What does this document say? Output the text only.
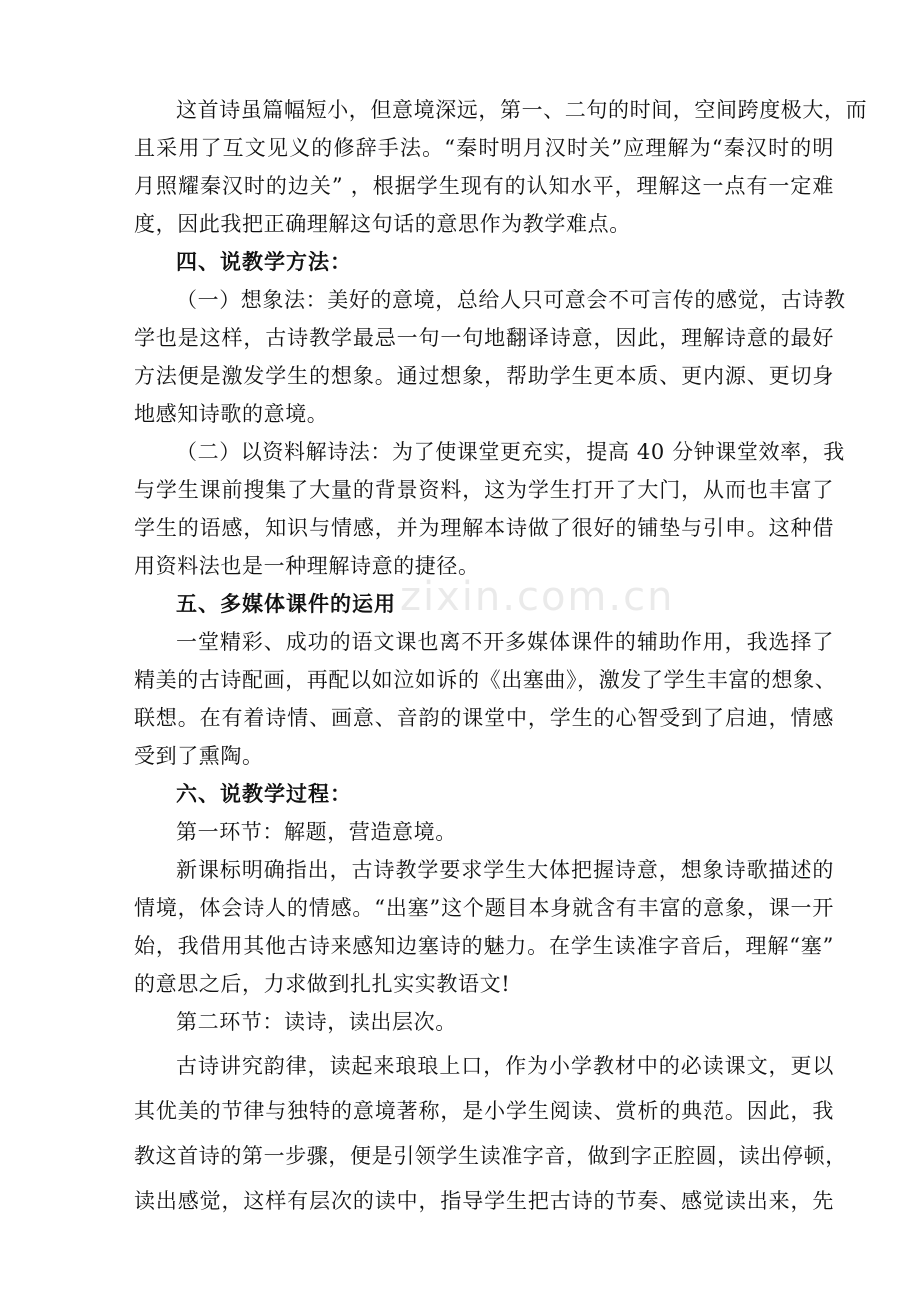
zixin.com.cn
这首诗虽篇幅短小，但意境深远，第一、二句的时间，空间跨度极大，而
且采用了互文见义的修辞手法。“秦时明月汉时关”应理解为“秦汉时的明
月照耀秦汉时的边关” ，根据学生现有的认知水平，理解这一点有一定难
度，因此我把正确理解这句话的意思作为教学难点。
四、说教学方法：
（一）想象法：美好的意境，总给人只可意会不可言传的感觉，古诗教
学也是这样，古诗教学最忌一句一句地翻译诗意，因此，理解诗意的最好
方法便是激发学生的想象。通过想象，帮助学生更本质、更内源、更切身
地感知诗歌的意境。
（二）以资料解诗法：为了使课堂更充实，提高 40 分钟课堂效率，我
与学生课前搜集了大量的背景资料，这为学生打开了大门，从而也丰富了
学生的语感，知识与情感，并为理解本诗做了很好的铺垫与引申。这种借
用资料法也是一种理解诗意的捷径。
五、多媒体课件的运用
一堂精彩、成功的语文课也离不开多媒体课件的辅助作用，我选择了
精美的古诗配画，再配以如泣如诉的《出塞曲》，激发了学生丰富的想象、
联想。在有着诗情、画意、音韵的课堂中，学生的心智受到了启迪，情感
受到了熏陶。
六、说教学过程：
第一环节：解题，营造意境。
新课标明确指出，古诗教学要求学生大体把握诗意，想象诗歌描述的
情境，体会诗人的情感。“出塞”这个题目本身就含有丰富的意象，课一开
始，我借用其他古诗来感知边塞诗的魅力。在学生读准字音后，理解“塞”
的意思之后，力求做到扎扎实实教语文!
第二环节：读诗，读出层次。
古诗讲究韵律，读起来琅琅上口，作为小学教材中的必读课文，更以
其优美的节律与独特的意境著称，是小学生阅读、赏析的典范。因此，我
教这首诗的第一步骤，便是引领学生读准字音，做到字正腔圆，读出停顿，
读出感觉，这样有层次的读中，指导学生把古诗的节奏、感觉读出来，先
